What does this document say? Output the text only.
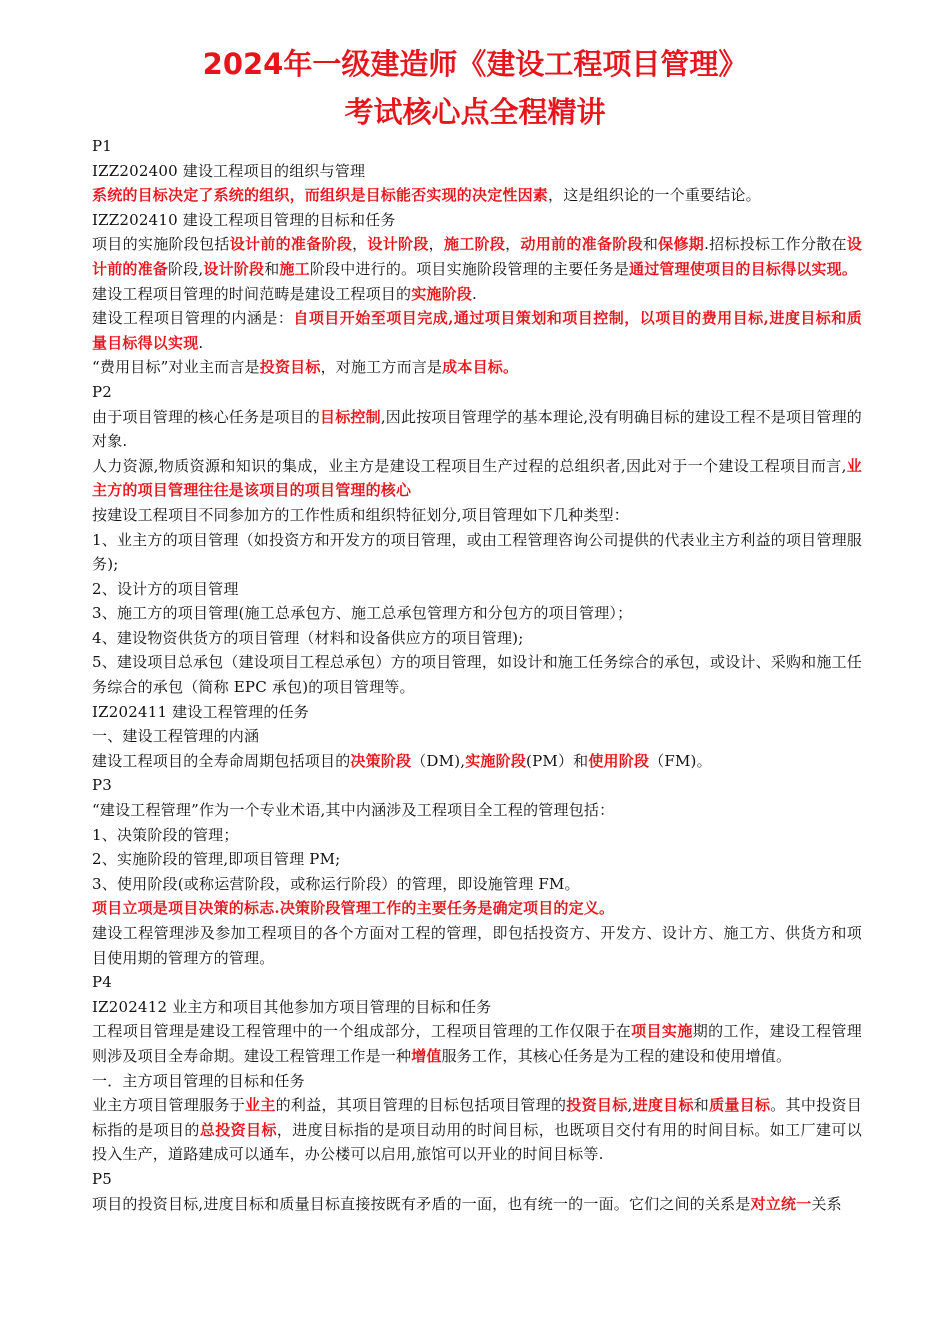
2024年一级建造师《建设工程项目管理》

考试核心点全程精讲

P1

IZZ202400 建设工程项目的组织与管理

系统的目标决定了系统的组织，而组织是目标能否实现的决定性因素，这是组织论的一个重要结论。

IZZ202410 建设工程项目管理的目标和任务

项目的实施阶段包括设计前的准备阶段，设计阶段，施工阶段，动用前的准备阶段和保修期.招标投标工作分散在设计前的准备阶段,设计阶段和施工阶段中进行的。项目实施阶段管理的主要任务是通过管理使项目的目标得以实现。

建设工程项目管理的时间范畴是建设工程项目的实施阶段.

建设工程项目管理的内涵是：自项目开始至项目完成,通过项目策划和项目控制，以项目的费用目标,进度目标和质量目标得以实现.

“费用目标”对业主而言是投资目标，对施工方而言是成本目标。

P2

由于项目管理的核心任务是项目的目标控制,因此按项目管理学的基本理论,没有明确目标的建设工程不是项目管理的对象.

人力资源,物质资源和知识的集成，业主方是建设工程项目生产过程的总组织者,因此对于一个建设工程项目而言,业主方的项目管理往往是该项目的项目管理的核心

按建设工程项目不同参加方的工作性质和组织特征划分,项目管理如下几种类型：

1、业主方的项目管理（如投资方和开发方的项目管理，或由工程管理咨询公司提供的代表业主方利益的项目管理服务);

2、设计方的项目管理

3、施工方的项目管理(施工总承包方、施工总承包管理方和分包方的项目管理）；

4、建设物资供货方的项目管理（材料和设备供应方的项目管理);

5、建设项目总承包（建设项目工程总承包）方的项目管理，如设计和施工任务综合的承包，或设计、采购和施工任务综合的承包（简称 EPC 承包)的项目管理等。

IZ202411 建设工程管理的任务

一、建设工程管理的内涵

建设工程项目的全寿命周期包括项目的决策阶段（DM),实施阶段(PM）和使用阶段（FM)。

P3

“建设工程管理”作为一个专业术语,其中内涵涉及工程项目全工程的管理包括：

1、决策阶段的管理；

2、实施阶段的管理,即项目管理 PM;

3、使用阶段(或称运营阶段，或称运行阶段）的管理，即设施管理 FM。

项目立项是项目决策的标志.决策阶段管理工作的主要任务是确定项目的定义。

建设工程管理涉及参加工程项目的各个方面对工程的管理，即包括投资方、开发方、设计方、施工方、供货方和项目使用期的管理方的管理。

P4

IZ202412 业主方和项目其他参加方项目管理的目标和任务

工程项目管理是建设工程管理中的一个组成部分，工程项目管理的工作仅限于在项目实施期的工作，建设工程管理则涉及项目全寿命期。建设工程管理工作是一种增值服务工作，其核心任务是为工程的建设和使用增值。

一．主方项目管理的目标和任务

业主方项目管理服务于业主的利益，其项目管理的目标包括项目管理的投资目标,进度目标和质量目标。其中投资目标指的是项目的总投资目标，进度目标指的是项目动用的时间目标，也既项目交付有用的时间目标。如工厂建可以投入生产，道路建成可以通车，办公楼可以启用,旅馆可以开业的时间目标等.

P5

项目的投资目标,进度目标和质量目标直接按既有矛盾的一面，也有统一的一面。它们之间的关系是对立统一关系
